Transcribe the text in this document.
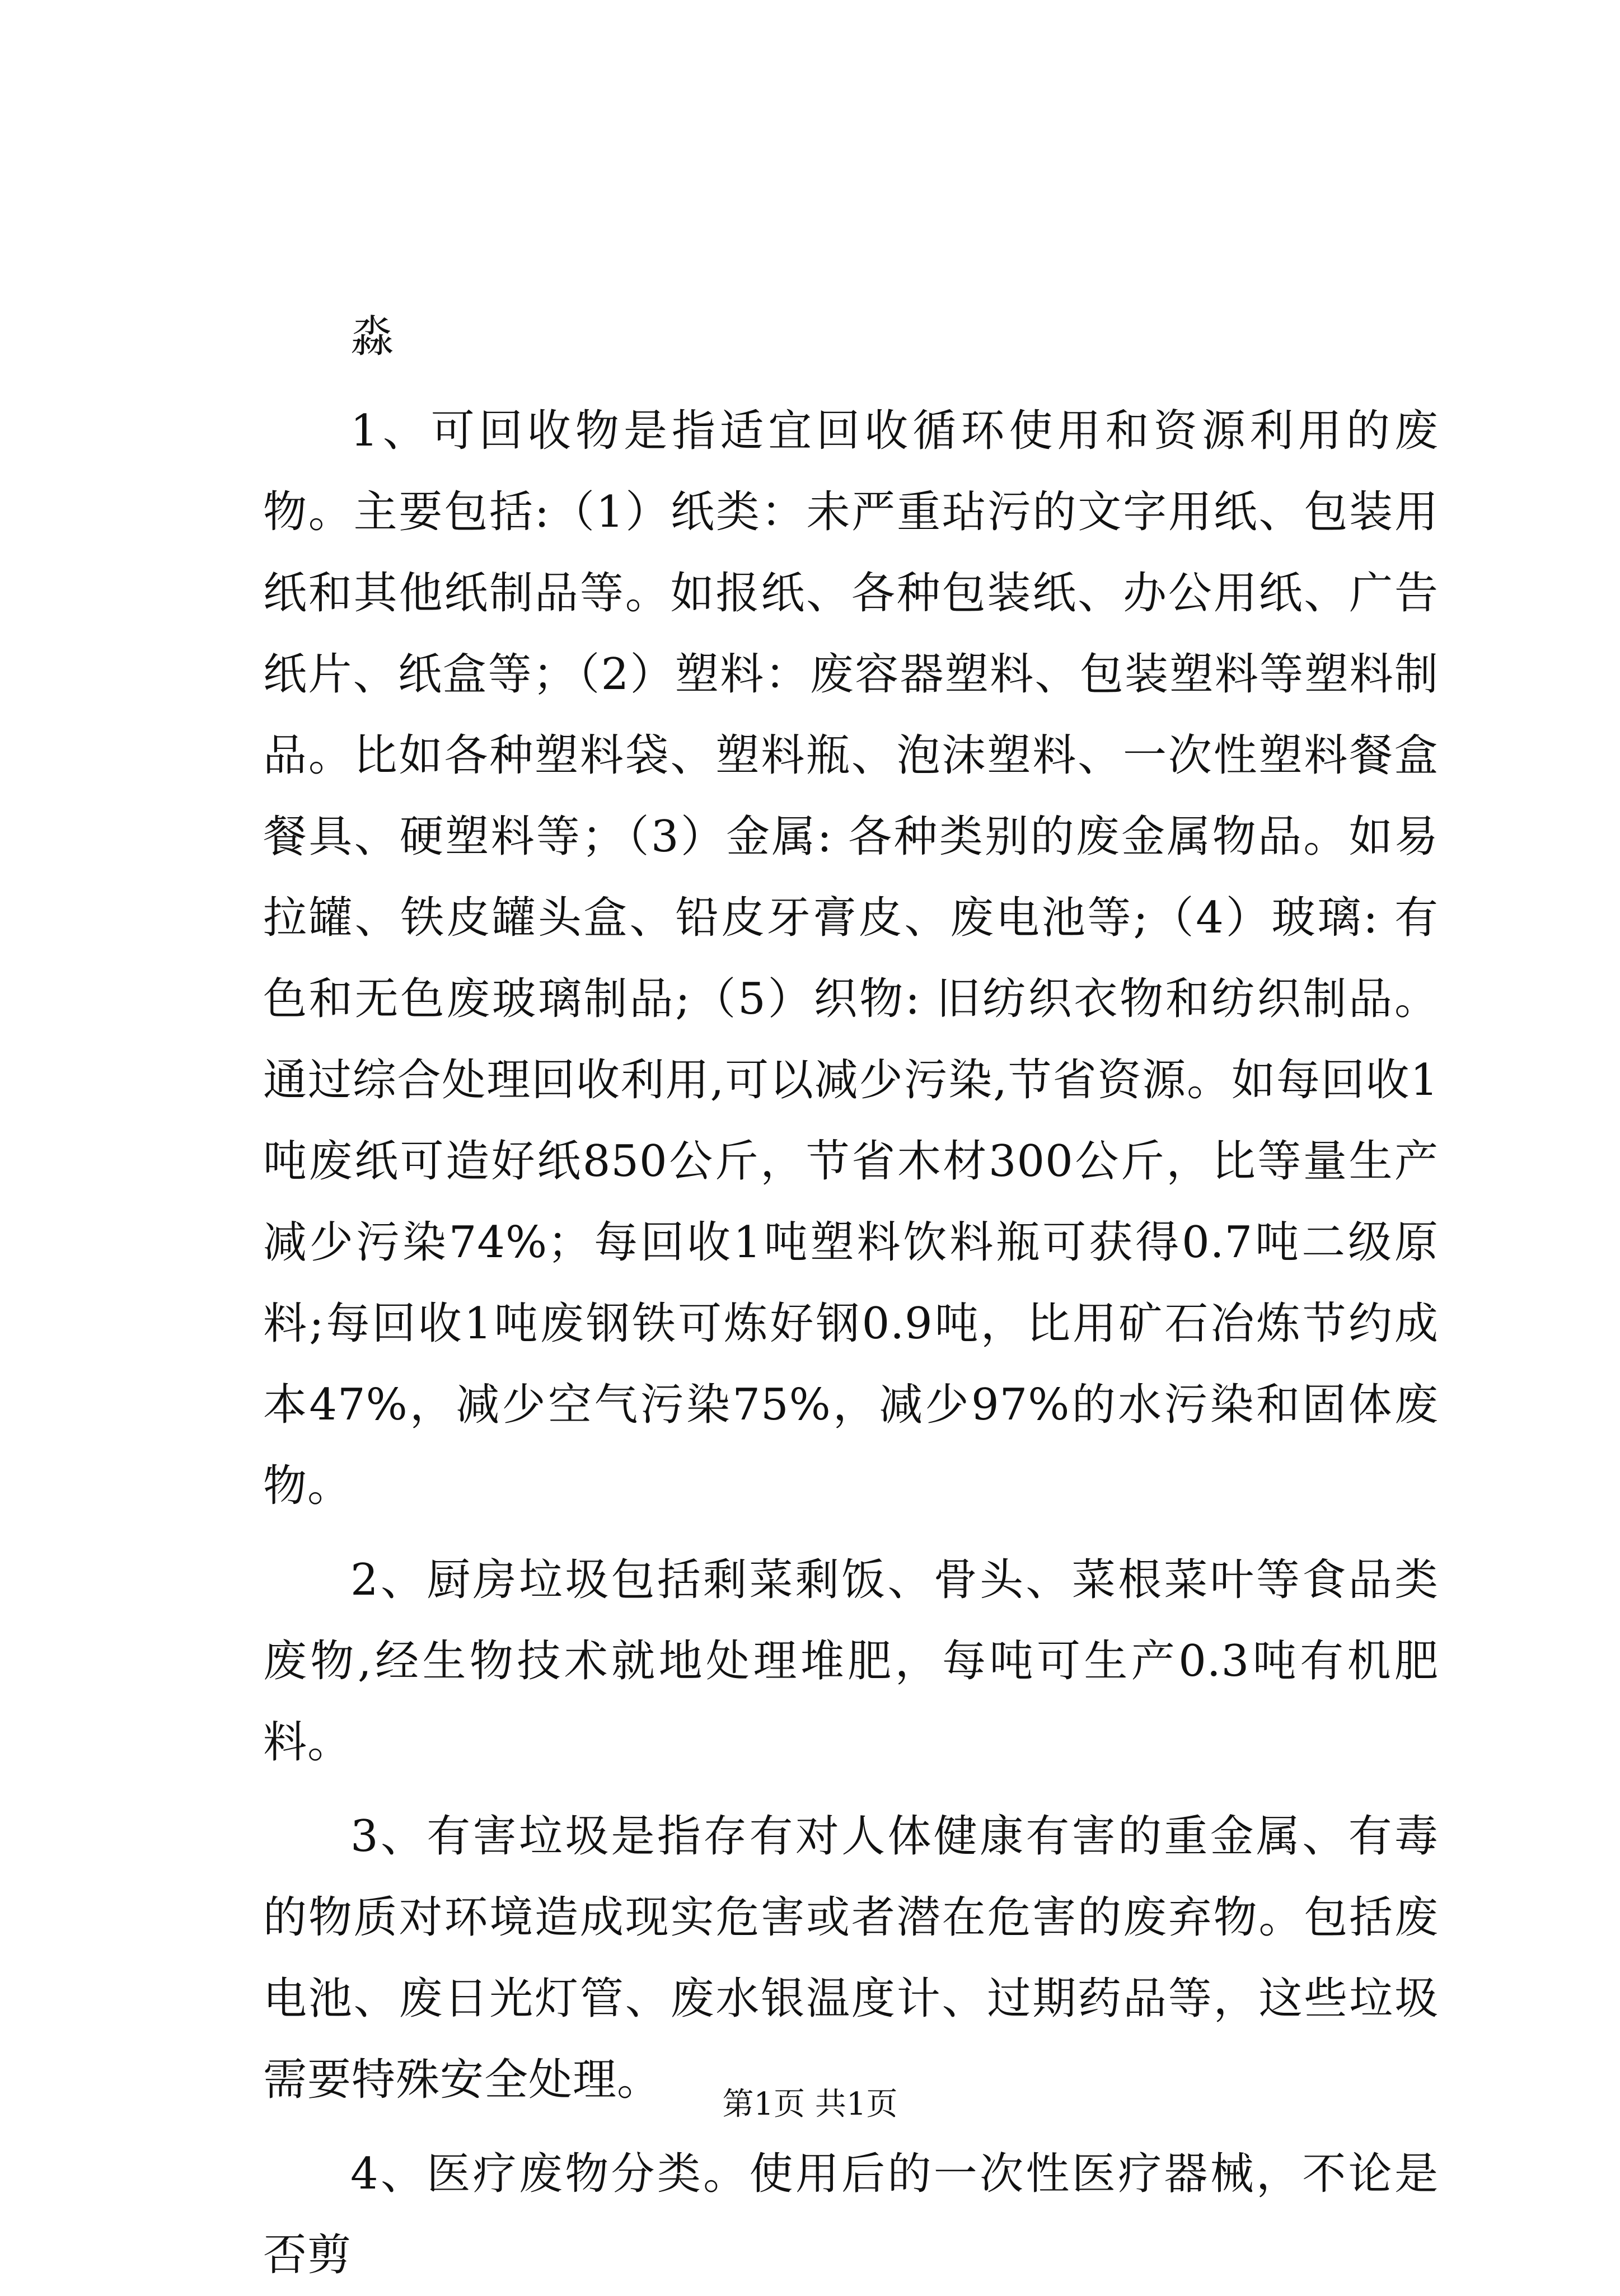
淼

1、可回收物是指适宜回收循环使用和资源利用的废物。主要包括:（1）纸类：未严重玷污的文字用纸、包装用纸和其他纸制品等。如报纸、各种包装纸、办公用纸、广告纸片、纸盒等；（2）塑料：废容器塑料、包装塑料等塑料制品。比如各种塑料袋、塑料瓶、泡沫塑料、一次性塑料餐盒餐具、硬塑料等；（3）金属: 各种类别的废金属物品。如易拉罐、铁皮罐头盒、铅皮牙膏皮、废电池等;（4）玻璃: 有色和无色废玻璃制品;（5）织物: 旧纺织衣物和纺织制品。通过综合处理回收利用,可以减少污染,节省资源。如每回收1吨废纸可造好纸850公斤，节省木材300公斤，比等量生产减少污染74%；每回收1吨塑料饮料瓶可获得0.7吨二级原料;每回收1吨废钢铁可炼好钢0.9吨，比用矿石冶炼节约成本47%，减少空气污染75%，减少97%的水污染和固体废物。

2、厨房垃圾包括剩菜剩饭、骨头、菜根菜叶等食品类废物,经生物技术就地处理堆肥，每吨可生产0.3吨有机肥料。

3、有害垃圾是指存有对人体健康有害的重金属、有毒的物质对环境造成现实危害或者潜在危害的废弃物。包括废电池、废日光灯管、废水银温度计、过期药品等，这些垃圾需要特殊安全处理。

4、医疗废物分类。使用后的一次性医疗器械，不论是否剪

第1页 共1页
